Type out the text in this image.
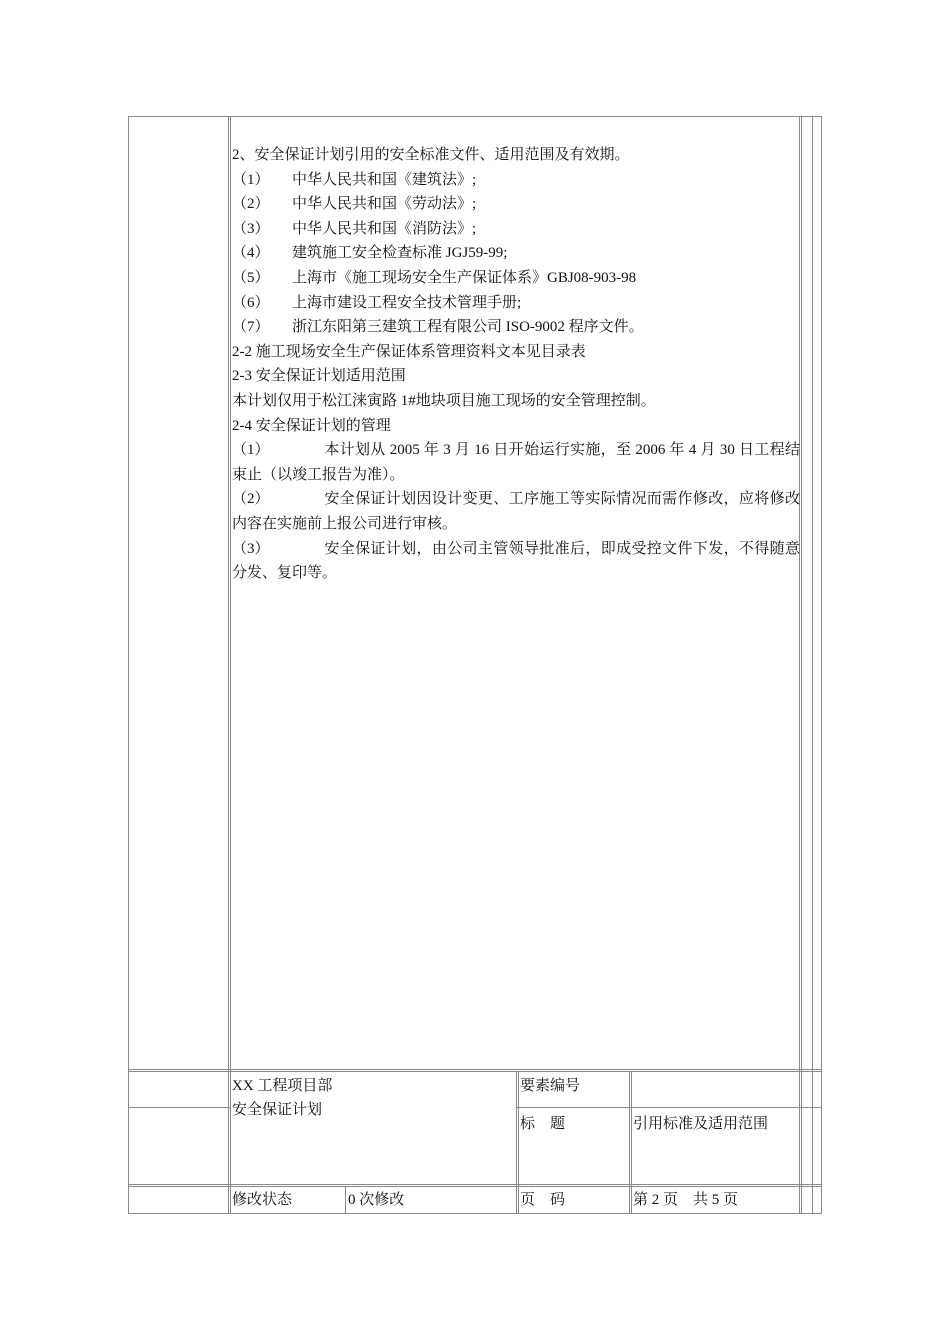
2、安全保证计划引用的安全标准文件、适用范围及有效期。

（1）	中华人民共和国《建筑法》;
（2）	中华人民共和国《劳动法》;
（3）	中华人民共和国《消防法》;
（4）	建筑施工安全检查标准 JGJ59-99;
（5）	上海市《施工现场安全生产保证体系》GBJ08-903-98
（6）	上海市建设工程安全技术管理手册;
（7）	浙江东阳第三建筑工程有限公司 ISO-9002 程序文件。

2-2 施工现场安全生产保证体系管理资料文本见目录表

2-3 安全保证计划适用范围

本计划仅用于松江涞寅路 1#地块项目施工现场的安全管理控制。

2-4 安全保证计划的管理

（1）	本计划从 2005 年 3 月 16 日开始运行实施，至 2006 年 4 月 30 日工程结束止（以竣工报告为准）。

（2）	安全保证计划因设计变更、工序施工等实际情况而需作修改，应将修改内容在实施前上报公司进行审核。

（3）	安全保证计划，由公司主管领导批准后，即成受控文件下发，不得随意分发、复印等。

XX 工程项目部
安全保证计划
要素编号
标　题	引用标准及适用范围
修改状态	0 次修改	页　码	第 2 页　共 5 页
